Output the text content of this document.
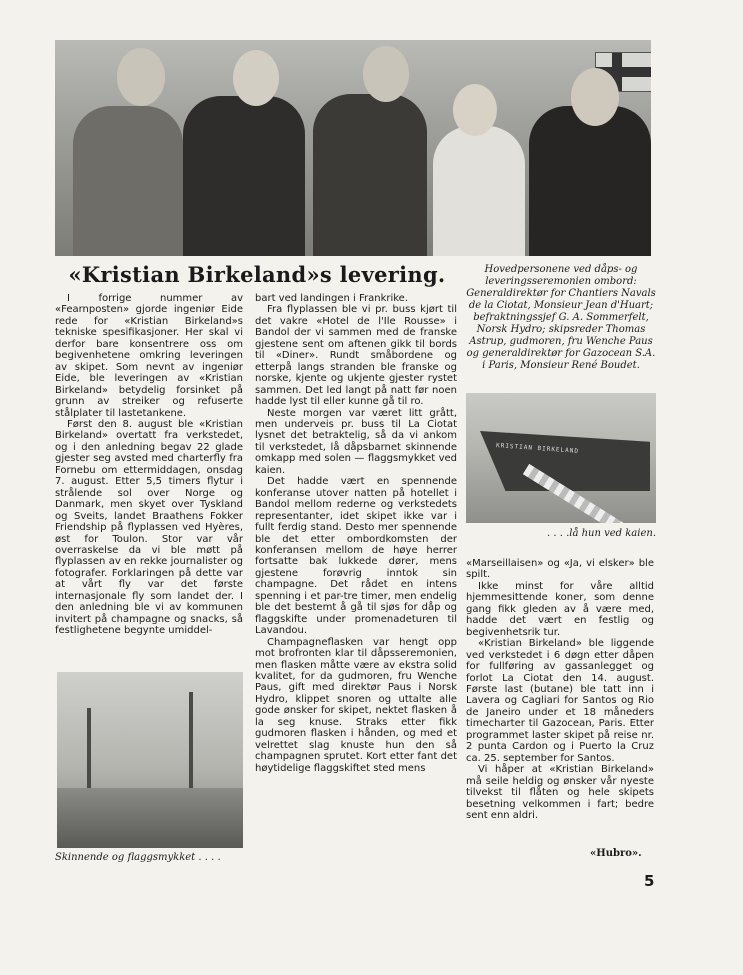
Hovedpersonene ved dåps- og leveringsseremonien ombord: Generaldirektør for Chantiers Navals de la Ciotat, Monsieur Jean d'Huart; befraktningssjef G. A. Sommerfelt, Norsk Hydro; skipsreder Thomas Astrup, gudmoren, fru Wenche Paus og generaldirektør for Gazocean S.A. i Paris, Monsieur René Boudet.
«Kristian Birkeland»s levering.

I forrige nummer av «Fearnposten» gjorde ingeniør Eide rede for «Kristian Birkeland»s tekniske spesifikasjoner. Her skal vi derfor bare konsentrere oss om begivenhetene omkring leveringen av skipet. Som nevnt av ingeniør Eide, ble leveringen av «Kristian Birkeland» betydelig forsinket på grunn av streiker og refuserte stålplater til lastetankene.

Først den 8. august ble «Kristian Birkeland» overtatt fra verkstedet, og i den anledning begav 22 glade gjester seg avsted med charterfly fra Fornebu om ettermiddagen, onsdag 7. august. Etter 5,5 timers flytur i strålende sol over Norge og Danmark, men skyet over Tyskland og Sveits, landet Braathens Fokker Friendship på flyplassen ved Hyères, øst for Toulon. Stor var vår overraskelse da vi ble møtt på flyplassen av en rekke journalister og fotografer. Forklaringen på dette var at vårt fly var det første internasjonale fly som landet der. I den anledning ble vi av kommunen invitert på champagne og snacks, så festlighetene begynte umiddel-

Skinnende og flaggsmykket . . . .

bart ved landingen i Frankrike.

Fra flyplassen ble vi pr. buss kjørt til det vakre «Hotel de l'Ile Rousse» i Bandol der vi sammen med de franske gjestene sent om aftenen gikk til bords til «Diner». Rundt småbordene og etterpå langs stranden ble franske og norske, kjente og ukjente gjester rystet sammen. Det led langt på natt før noen hadde lyst til eller kunne gå til ro.

Neste morgen var været litt grått, men underveis pr. buss til La Ciotat lysnet det betraktelig, så da vi ankom til verkstedet, lå dåpsbarnet skinnende omkapp med solen — flaggsmykket ved kaien.

Det hadde vært en spennende konferanse utover natten på hotellet i Bandol mellom rederne og verkstedets representanter, idet skipet ikke var i fullt ferdig stand. Desto mer spennende ble det etter ombordkomsten der konferansen mellom de høye herrer fortsatte bak lukkede dører, mens gjestene forøvrig inntok sin champagne. Det rådet en intens spenning i et par-tre timer, men endelig ble det bestemt å gå til sjøs for dåp og flaggskifte under promenadeturen til Lavandou.

Champagneflasken var hengt opp mot brofronten klar til dåpsseremonien, men flasken måtte være av ekstra solid kvalitet, for da gudmoren, fru Wenche Paus, gift med direktør Paus i Norsk Hydro, klippet snoren og uttalte alle gode ønsker for skipet, nektet flasken å la seg knuse. Straks etter fikk gudmoren flasken i hånden, og med et velrettet slag knuste hun den så champagnen sprutet. Kort etter fant det høytidelige flaggskiftet sted mens

KRISTIAN BIRKELAND
. . . .lå hun ved kaien.

«Marseillaisen» og «Ja, vi elsker» ble spilt.

Ikke minst for våre alltid hjemmesittende koner, som denne gang fikk gleden av å være med, hadde det vært en festlig og begivenhetsrik tur.

«Kristian Birkeland» ble liggende ved verkstedet i 6 døgn etter dåpen for fullføring av gassanlegget og forlot La Ciotat den 14. august. Første last (butane) ble tatt inn i Lavera og Cagliari for Santos og Rio de Janeiro under et 18 måneders timecharter til Gazocean, Paris. Etter programmet laster skipet på reise nr. 2 punta Cardon og i Puerto la Cruz ca. 25. september for Santos.

Vi håper at «Kristian Birkeland» må seile heldig og ønsker vår nyeste tilvekst til flåten og hele skipets besetning velkommen i fart; bedre sent enn aldri.

«Hubro».
5
